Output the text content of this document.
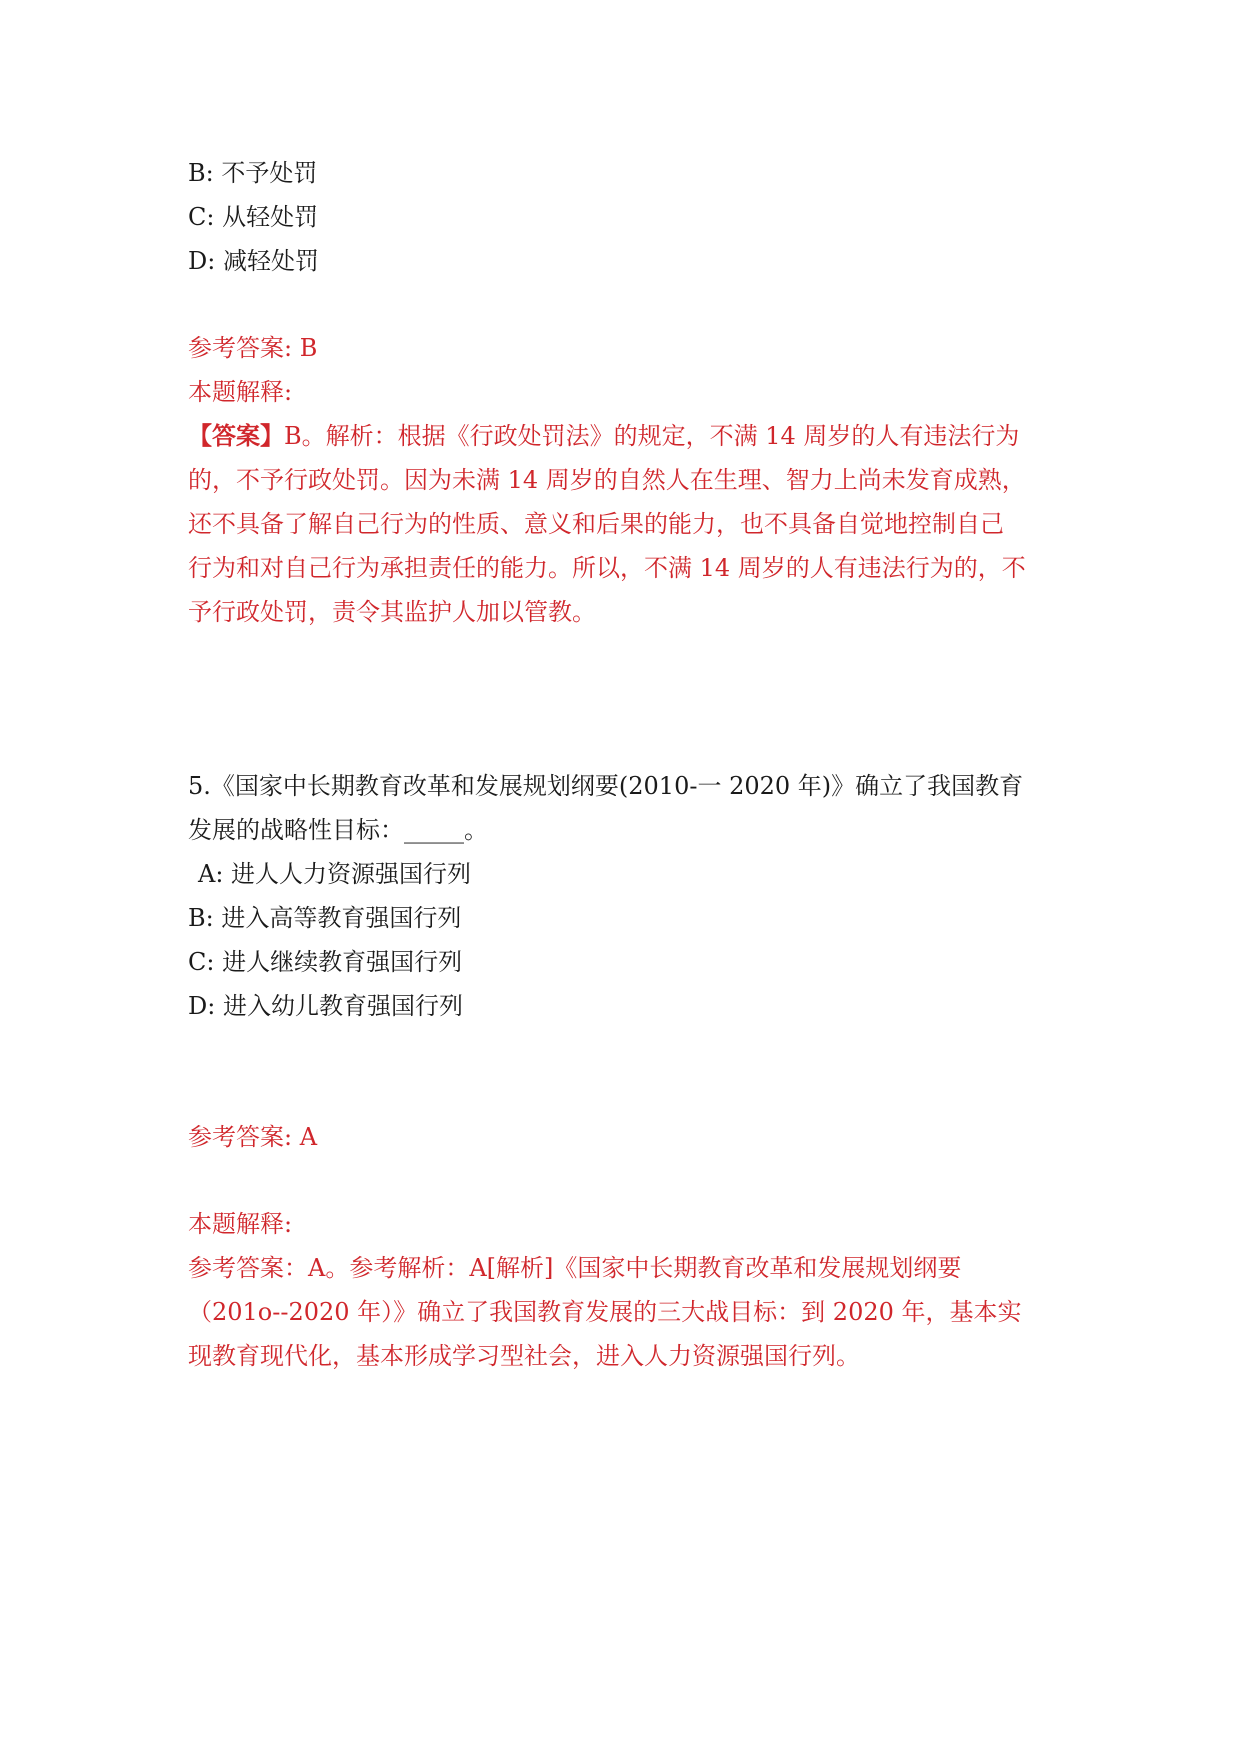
B: 不予处罚
C: 从轻处罚
D: 减轻处罚
参考答案: B
本题解释:
【答案】B。解析：根据《行政处罚法》的规定，不满 14 周岁的人有违法行为
的，不予行政处罚。因为未满 14 周岁的自然人在生理、智力上尚未发育成熟，
还不具备了解自己行为的性质、意义和后果的能力，也不具备自觉地控制自己
行为和对自己行为承担责任的能力。所以，不满 14 周岁的人有违法行为的，不
予行政处罚，责令其监护人加以管教。
5.《国家中长期教育改革和发展规划纲要(2010-一 2020 年)》确立了我国教育
发展的战略性目标：_____。
A: 进人人力资源强国行列
B: 进入高等教育强国行列
C: 进人继续教育强国行列
D: 进入幼儿教育强国行列
参考答案: A
本题解释:
参考答案：A。参考解析：A[解析]《国家中长期教育改革和发展规划纲要
（201o--2020 年）》确立了我国教育发展的三大战目标：到 2020 年，基本实
现教育现代化，基本形成学习型社会，进入人力资源强国行列。
